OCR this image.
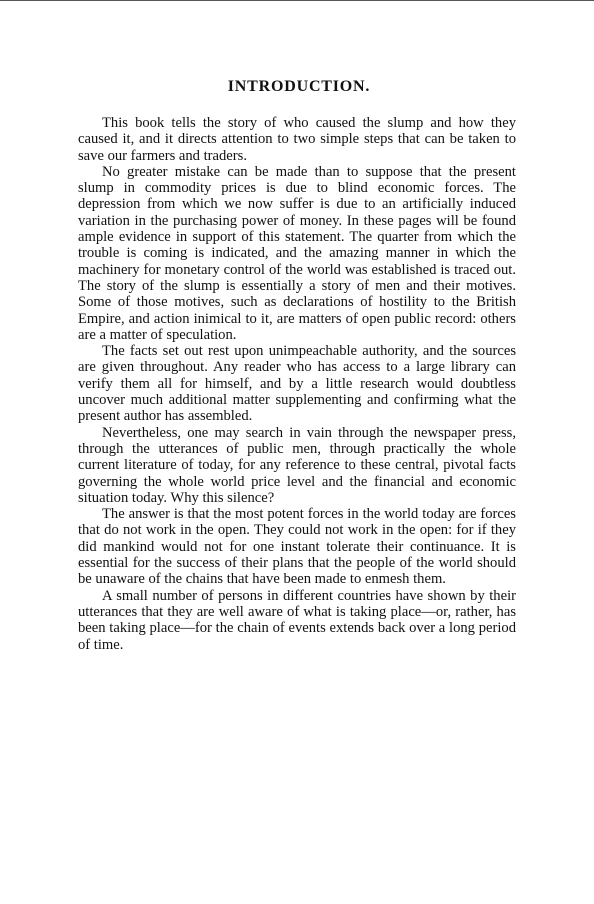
INTRODUCTION.

This book tells the story of who caused the slump and how they caused it, and it directs attention to two simple steps that can be taken to save our farmers and traders.

No greater mistake can be made than to suppose that the present slump in commodity prices is due to blind economic forces. The depression from which we now suffer is due to an artificially induced variation in the purchasing power of money. In these pages will be found ample evidence in support of this statement. The quarter from which the trouble is coming is indicated, and the amazing manner in which the machinery for monetary control of the world was established is traced out. The story of the slump is essentially a story of men and their motives. Some of those motives, such as declarations of hostility to the British Empire, and action inimical to it, are matters of open public record: others are a matter of speculation.

The facts set out rest upon unimpeachable authority, and the sources are given throughout. Any reader who has access to a large library can verify them all for himself, and by a little research would doubtless uncover much additional matter supplementing and confirming what the present author has assembled.

Nevertheless, one may search in vain through the newspaper press, through the utterances of public men, through practically the whole current literature of today, for any reference to these central, pivotal facts governing the whole world price level and the financial and economic situation today. Why this silence?

The answer is that the most potent forces in the world today are forces that do not work in the open. They could not work in the open: for if they did mankind would not for one instant tolerate their continuance. It is essential for the success of their plans that the people of the world should be unaware of the chains that have been made to enmesh them.

A small number of persons in different countries have shown by their utterances that they are well aware of what is taking place—or, rather, has been taking place—for the chain of events extends back over a long period of time.
